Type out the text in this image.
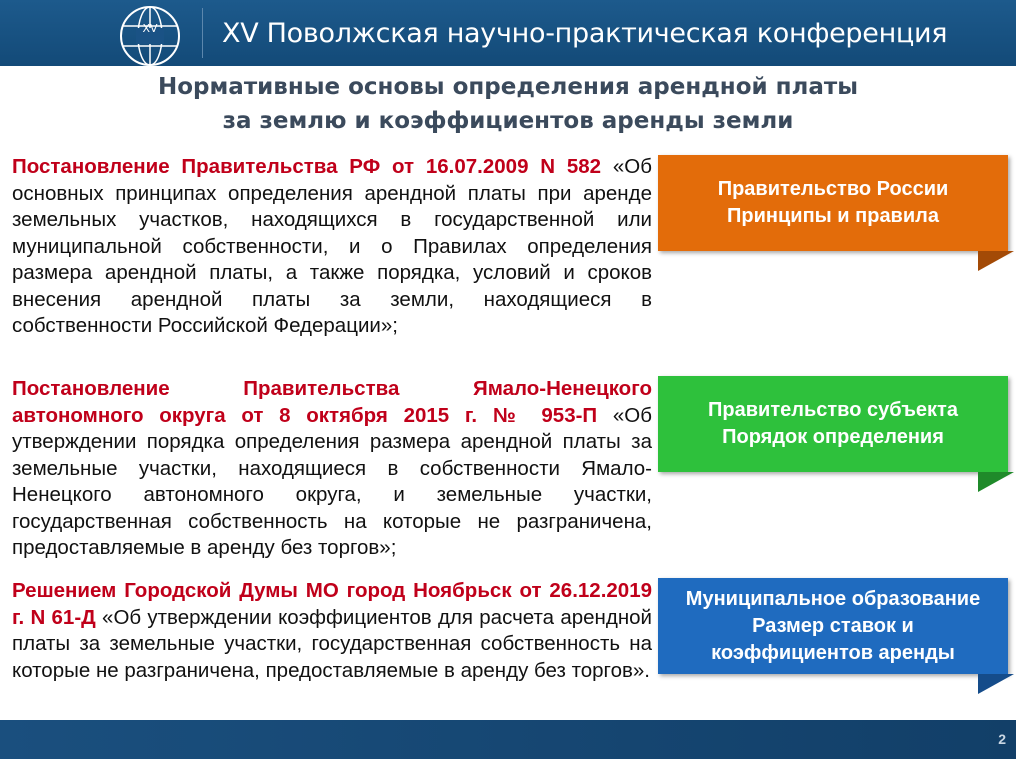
XV	XV Поволжская научно-практическая конференция
Нормативные основы определения арендной платы
за землю и коэффициентов аренды земли
Постановление Правительства РФ от 16.07.2009 N 582 «Об основных принципах определения арендной платы при аренде земельных участков, находящихся в государственной или муниципальной собственности, и о Правилах определения размера арендной платы, а также порядка, условий и сроков внесения арендной платы за земли, находящиеся в собственности Российской Федерации»;
Постановление Правительства Ямало-Ненецкого автономного округа от 8 октября 2015 г. № 953-П «Об утверждении порядка определения размера арендной платы за земельные участки, находящиеся в собственности Ямало-Ненецкого автономного округа, и земельные участки, государственная собственность на которые не разграничена, предоставляемые в аренду без торгов»;
Решением Городской Думы МО город Ноябрьск от 26.12.2019 г. N 61-Д «Об утверждении коэффициентов для расчета арендной платы за земельные участки, государственная собственность на которые не разграничена, предоставляемые в аренду без торгов».
Правительство России
Принципы и правила
Правительство субъекта
Порядок определения
Муниципальное образование
Размер ставок и
коэффициентов аренды
2
